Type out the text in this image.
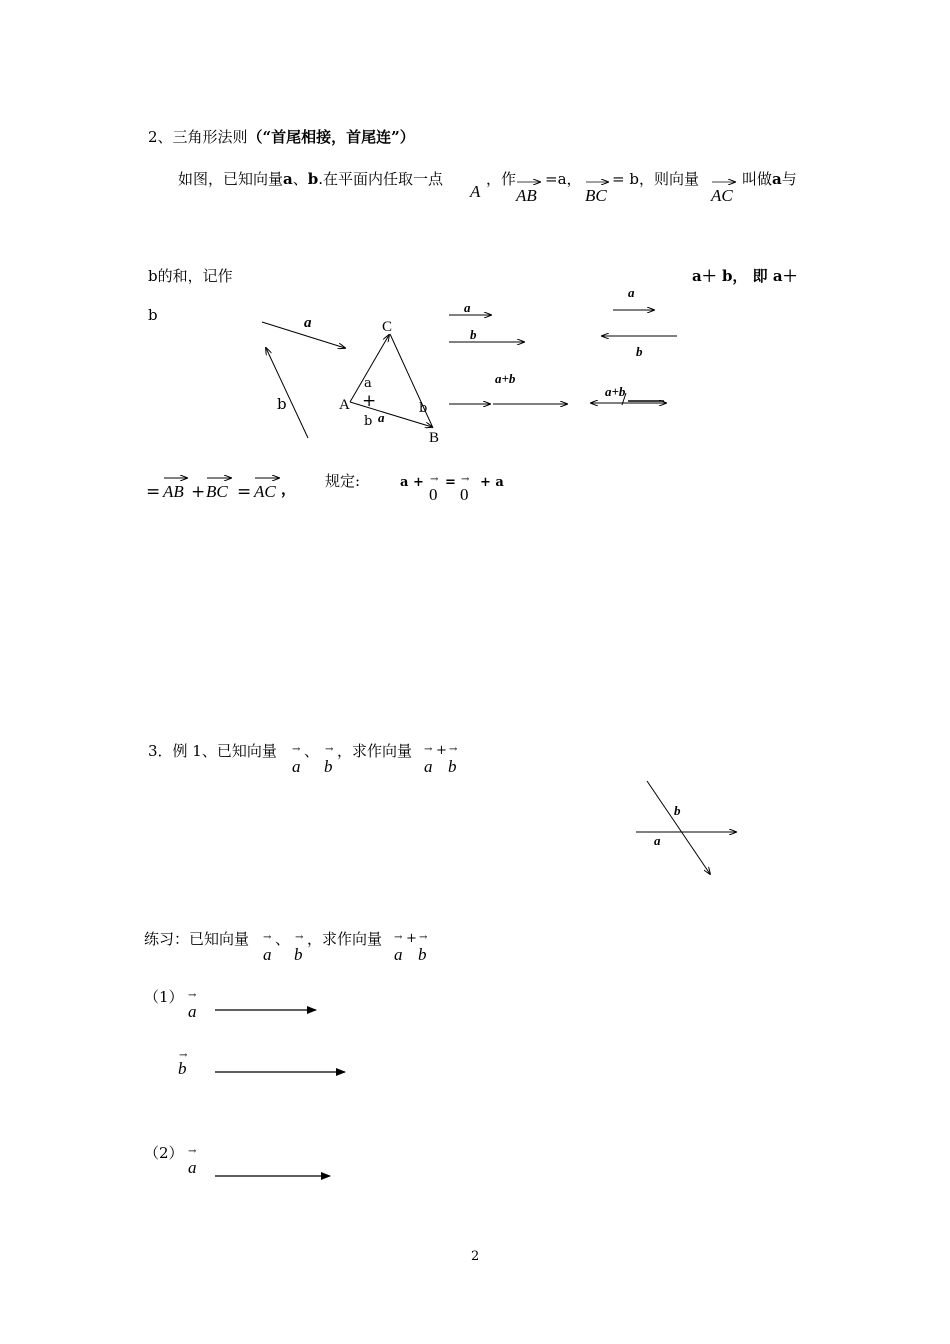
2、三角形法则（“首尾相接，首尾连”）
如图，已知向量a、b.在平面内任取一点
A
，作
AB
=a，
BC
= b，则向量
AC
叫做a与
b的和，记作	a＋ b， 即 a＋
b	a
b
C
A
B
a
+
b a
b
a
b
a
b
a+b
a+b
= AB + BC = AC ， 规定:	a + →
0
= →
0
+ a
3．例 1、已知向量 →
a
、 →
b
，求作向量 →
a
+ →
b
b
a
练习：已知向量 →
a
、 →
b
，求作向量 →
a
+ →
b
（1） →
a
→
b
（2） →
a
2
